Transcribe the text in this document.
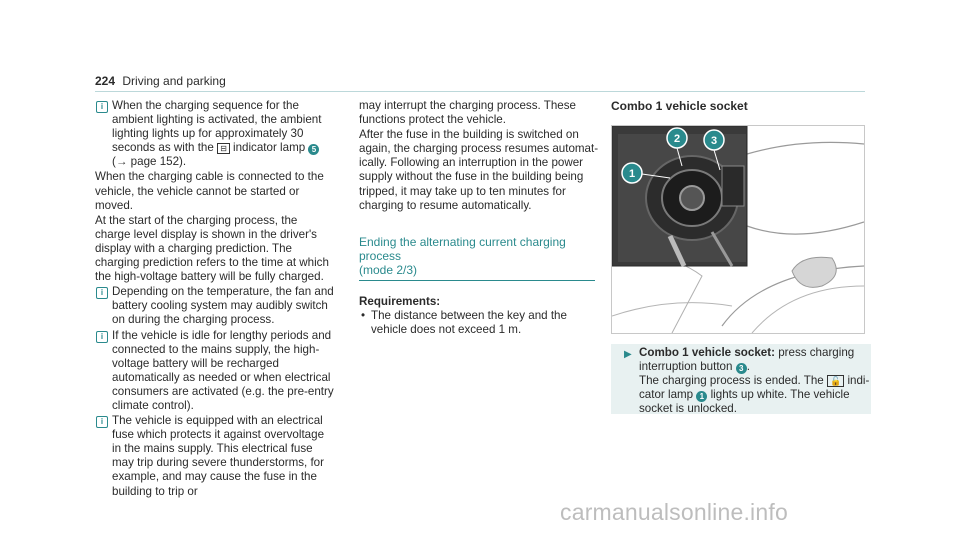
224 Driving and parking
i When the charging sequence for the ambient lighting is activated, the ambient lighting lights up for approximately 30 seconds as with the ⊟ indicator lamp 5 (→ page 152).
When the charging cable is connected to the vehicle, the vehicle cannot be started or moved.
At the start of the charging process, the charge level display is shown in the driver's display with a charging prediction. The charging prediction refers to the time at which the high-voltage battery will be fully charged.
i Depending on the temperature, the fan and battery cooling system may audibly switch on during the charging process.
i If the vehicle is idle for lengthy periods and connected to the mains supply, the high-voltage battery will be recharged automatically as needed or when electrical consumers are activated (e.g. the pre-entry climate control).
i The vehicle is equipped with an electrical fuse which protects it against overvoltage in the mains supply. This electrical fuse may trip during severe thunderstorms, for example, and may cause the fuse in the building to trip or
may interrupt the charging process. These functions protect the vehicle.
After the fuse in the building is switched on again, the charging process resumes automatically. Following an interruption in the power supply without the fuse in the building being tripped, it may take up to ten minutes for charging to resume automatically.
Ending the alternating current charging process
(mode 2/3)
Requirements:
• The distance between the key and the vehicle does not exceed 1 m.
Combo 1 vehicle socket
1
2	3
▶ Combo 1 vehicle socket: press charging interruption button 3 .
The charging process is ended. The 🔓 indicator lamp 1 lights up white. The vehicle socket is unlocked.
carmanualsonline.info
